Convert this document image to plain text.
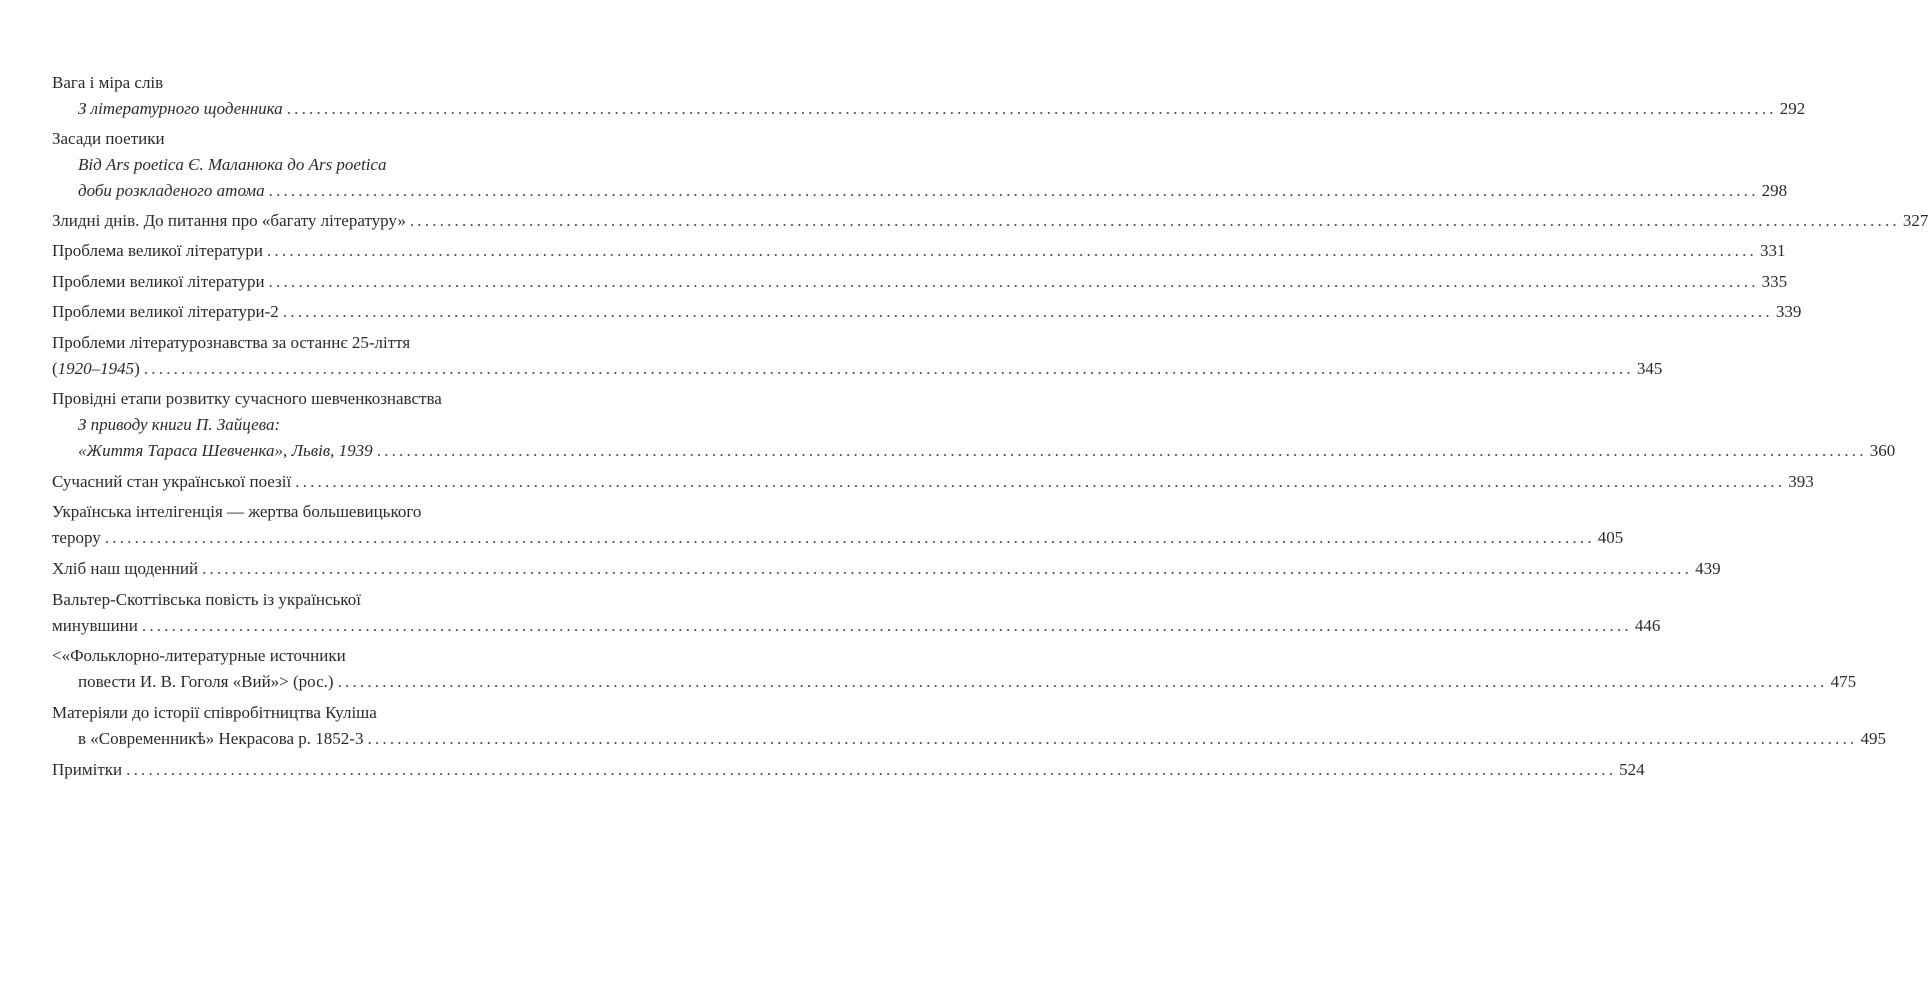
Вага і міра слів
З літературного щоденника ........................................................................................................................................................................................................ 292
Засади поетики
Від Ars poetica Є. Маланюка до Ars poetica
доби розкладеного атома ........................................................................................................................................................................................................ 298
Злидні днів. До питання про «багату літературу» ........................................................................................................................................................................................................ 327
Проблема великої літератури ........................................................................................................................................................................................................ 331
Проблеми великої літератури ........................................................................................................................................................................................................ 335
Проблеми великої літератури-2 ........................................................................................................................................................................................................ 339
Проблеми літературознавства за останнє 25-ліття
(1920–1945) ........................................................................................................................................................................................................ 345
Провідні етапи розвитку сучасного шевченкознавства
З приводу книги П. Зайцева:
«Життя Тараса Шевченка», Львів, 1939 ........................................................................................................................................................................................................ 360
Сучасний стан української поезії ........................................................................................................................................................................................................ 393
Українська інтелігенція — жертва большевицького
терору ........................................................................................................................................................................................................ 405
Хліб наш щоденний ........................................................................................................................................................................................................ 439
Вальтер-Скоттівська повість із української
минувшини ........................................................................................................................................................................................................ 446
<«Фольклорно-литературные источники
повести И. В. Гоголя «Вий»> (рос.) ........................................................................................................................................................................................................ 475
Матеріяли до історії співробітництва Куліша
в «Современникѣ» Некрасова р. 1852-3 ........................................................................................................................................................................................................ 495
Примітки ........................................................................................................................................................................................................ 524
